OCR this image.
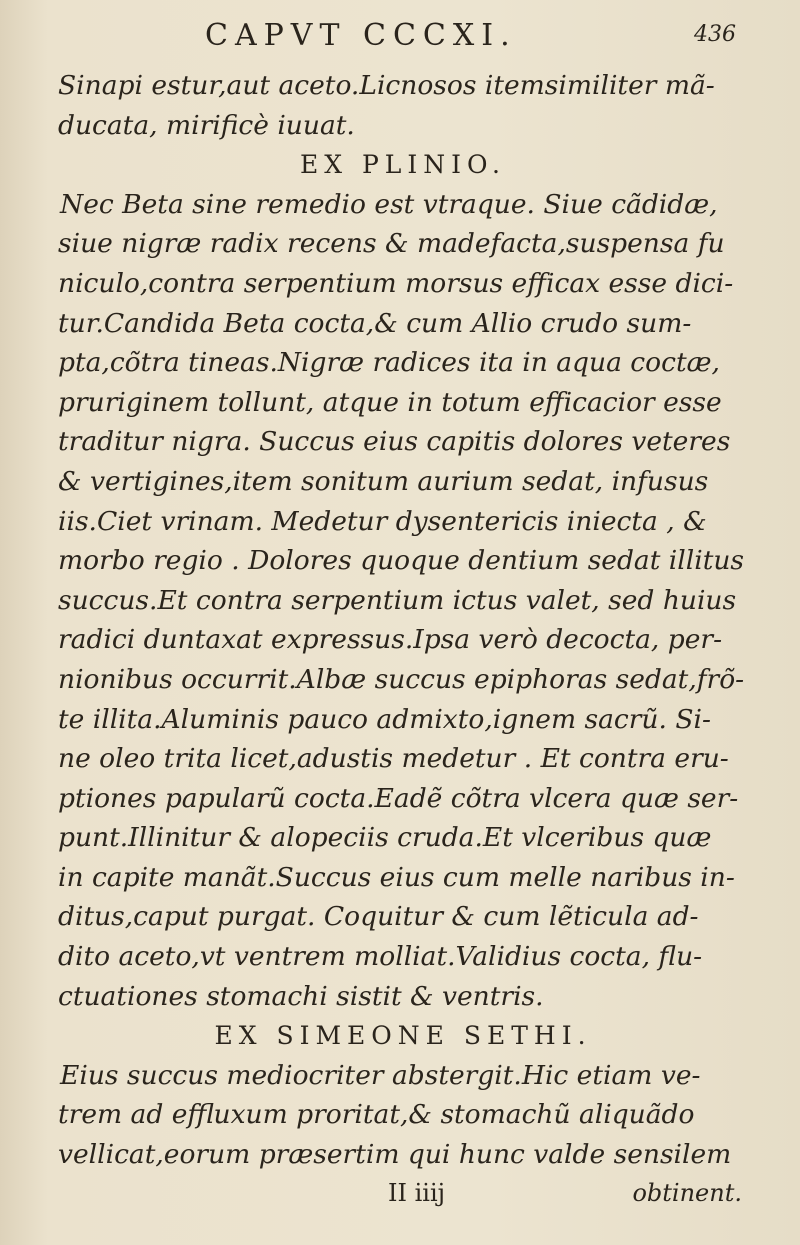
CAPVT CCCXI.	436
Sinapi estur,aut aceto.Licnosos itemsimiliter mã-
ducata, mirificè iuuat.
EX PLINIO.
Nec Beta sine remedio est vtraque. Siue cãdidæ,
siue nigræ radix recens & madefacta,suspensa fu
niculo,contra serpentium morsus efficax esse dici-
tur.Candida Beta cocta,& cum Allio crudo sum-
pta,cõtra tineas.Nigræ radices ita in aqua coctæ,
pruriginem tollunt, atque in totum efficacior esse
traditur nigra. Succus eius capitis dolores veteres
& vertigines,item sonitum aurium sedat, infusus
iis.Ciet vrinam. Medetur dysentericis iniecta , &
morbo regio . Dolores quoque dentium sedat illitus
succus.Et contra serpentium ictus valet, sed huius
radici duntaxat expressus.Ipsa verò decocta, per-
nionibus occurrit.Albæ succus epiphoras sedat,frõ-
te illita.Aluminis pauco admixto,ignem sacrũ. Si-
ne oleo trita licet,adustis medetur . Et contra eru-
ptiones papularũ cocta.Eadẽ cõtra vlcera quæ ser-
punt.Illinitur & alopeciis cruda.Et vlceribus quæ
in capite manãt.Succus eius cum melle naribus in-
ditus,caput purgat. Coquitur & cum lẽticula ad-
dito aceto,vt ventrem molliat.Validius cocta, flu-
ctuationes stomachi sistit & ventris.
EX SIMEONE SETHI.
Eius succus mediocriter abstergit.Hic etiam ve-
trem ad effluxum proritat,& stomachũ aliquãdo
vellicat,eorum præsertim qui hunc valde sensilem
II iiij	obtinent.
